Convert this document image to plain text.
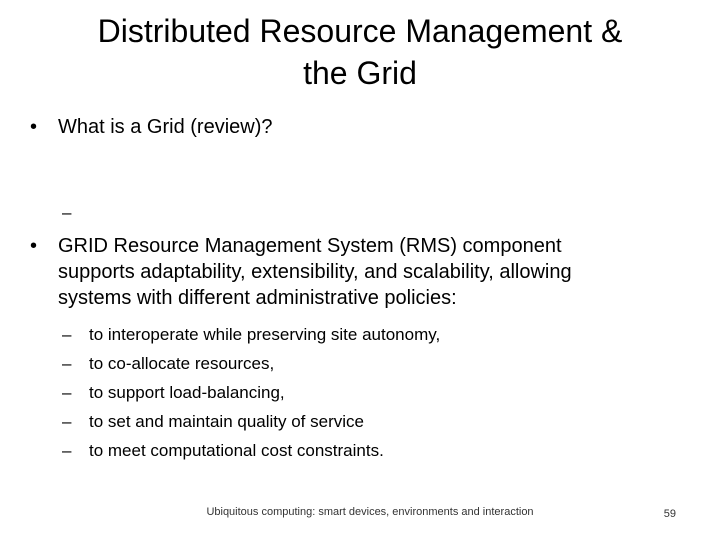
Distributed Resource Management &
the Grid
•	What is a Grid (review)?
–
•	GRID Resource Management System (RMS) component
supports adaptability, extensibility, and scalability, allowing
systems with different administrative policies:
– to interoperate while preserving site autonomy,
– to co-allocate resources,
– to support load-balancing,
– to set and maintain quality of service
– to meet computational cost constraints.
Ubiquitous computing: smart devices, environments and interaction	59
